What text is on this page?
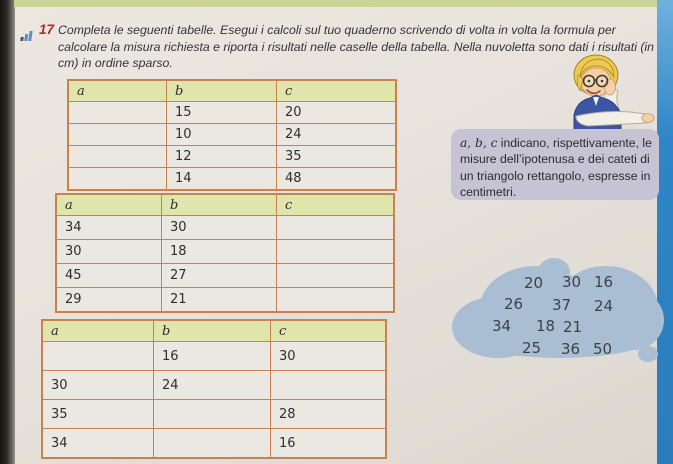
17 Completa le seguenti tabelle. Esegui i calcoli sul tuo quaderno scrivendo di volta in volta la formula per calcolare la misura richiesta e riporta i risultati nelle caselle della tabella. Nella nuvoletta sono dati i risultati (in cm) in ordine sparso.

a	b	c
	15	20
	10	24
	12	35
	14	48
a	b	c
34	30	
30	18	
45	27	
29	21	
a	b	c
	16	30
30	24	
35		28
34		16
a, b, c indicano, rispettivamente, le misure dell’ipotenusa e dei cateti di un triangolo rettangolo, espresse in centimetri.
20 30 16
26 37 24
34 18 21
25 36 50
